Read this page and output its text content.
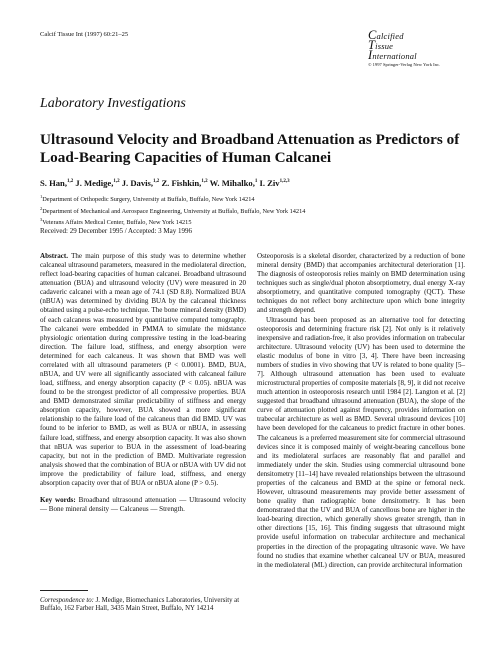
Calcif Tissue Int (1997) 60:21–25	Calcified
Tissue
International
© 1997 Springer-Verlag New York Inc.
Laboratory Investigations
Ultrasound Velocity and Broadband Attenuation as Predictors of Load-Bearing Capacities of Human Calcanei
S. Han,$^{1,2}$ J. Medige,$^{1,2}$ J. Davis,$^{1,2}$ Z. Fishkin,$^{1,2}$ W. Mihalko,$^1$ I. Ziv$^{1,2,3}$
$^1$Department of Orthopedic Surgery, University at Buffalo, Buffalo, New York 14214
$^2$Department of Mechanical and Aerospace Engineering, University at Buffalo, Buffalo, New York 14214
$^3$Veterans Affairs Medical Center, Buffalo, New York 14215
Received: 29 December 1995 / Accepted: 3 May 1996

Abstract. The main purpose of this study was to determine whether calcaneal ultrasound parameters, measured in the mediolateral direction, reflect load-bearing capacities of human calcanei. Broadband ultrasound attenuation (BUA) and ultrasound velocity (UV) were measured in 20 cadaveric calcanei with a mean age of 74.1 (SD 8.8). Normalized BUA (nBUA) was determined by dividing BUA by the calcaneal thickness obtained using a pulse-echo technique. The bone mineral density (BMD) of each calcaneus was measured by quantitative computed tomography. The calcanei were embedded in PMMA to simulate the midstance physiologic orientation during compressive testing in the load-bearing direction. The failure load, stiffness, and energy absorption were determined for each calcaneus. It was shown that BMD was well correlated with all ultrasound parameters (P < 0.0001). BMD, BUA, nBUA, and UV were all significantly associated with calcaneal failure load, stiffness, and energy absorption capacity (P < 0.05). nBUA was found to be the strongest predictor of all compressive properties. BUA and BMD demonstrated similar predictability of stiffness and energy absorption capacity, however, BUA showed a more significant relationship to the failure load of the calcaneus than did BMD. UV was found to be inferior to BMD, as well as BUA or nBUA, in assessing failure load, stiffness, and energy absorption capacity. It was also shown that nBUA was superior to BUA in the assessment of load-bearing capacity, but not in the prediction of BMD. Multivariate regression analysis showed that the combination of BUA or nBUA with UV did not improve the predictability of failure load, stiffness, and energy absorption capacity over that of BUA or nBUA alone (P > 0.5).

Key words: Broadband ultrasound attenuation — Ultrasound velocity — Bone mineral density — Calcaneus — Strength.

Correspondence to: J. Medige, Biomechanics Laboratories, University at Buffalo, 162 Farber Hall, 3435 Main Street, Buffalo, NY 14214

Osteoporosis is a skeletal disorder, characterized by a reduction of bone mineral density (BMD) that accompanies architectural deterioration [1]. The diagnosis of osteoporosis relies mainly on BMD determination using techniques such as single/dual photon absorptiometry, dual energy X-ray absorptiometry, and quantitative computed tomography (QCT). These techniques do not reflect bony architecture upon which bone integrity and strength depend.

Ultrasound has been proposed as an alternative tool for detecting osteoporosis and determining fracture risk [2]. Not only is it relatively inexpensive and radiation-free, it also provides information on trabecular architecture. Ultrasound velocity (UV) has been used to determine the elastic modulus of bone in vitro [3, 4]. There have been increasing numbers of studies in vivo showing that UV is related to bone quality [5–7]. Although ultrasound attenuation has been used to evaluate microstructural properties of composite materials [8, 9], it did not receive much attention in osteoporosis research until 1984 [2]. Langton et al. [2] suggested that broadband ultrasound attenuation (BUA), the slope of the curve of attenuation plotted against frequency, provides information on trabecular architecture as well as BMD. Several ultrasound devices [10] have been developed for the calcaneus to predict fracture in other bones. The calcaneus is a preferred measurement site for commercial ultrasound devices since it is composed mainly of weight-bearing cancellous bone and its mediolateral surfaces are reasonably flat and parallel and immediately under the skin. Studies using commercial ultrasound bone densitometry [11–14] have revealed relationships between the ultrasound properties of the calcaneus and BMD at the spine or femoral neck. However, ultrasound measurements may provide better assessment of bone quality than radiographic bone densitometry. It has been demonstrated that the UV and BUA of cancellous bone are higher in the load-bearing direction, which generally shows greater strength, than in other directions [15, 16]. This finding suggests that ultrasound might provide useful information on trabecular architecture and mechanical properties in the direction of the propagating ultrasonic wave. We have found no studies that examine whether calcaneal UV or BUA, measured in the mediolateral (ML) direction, can provide architectural information
